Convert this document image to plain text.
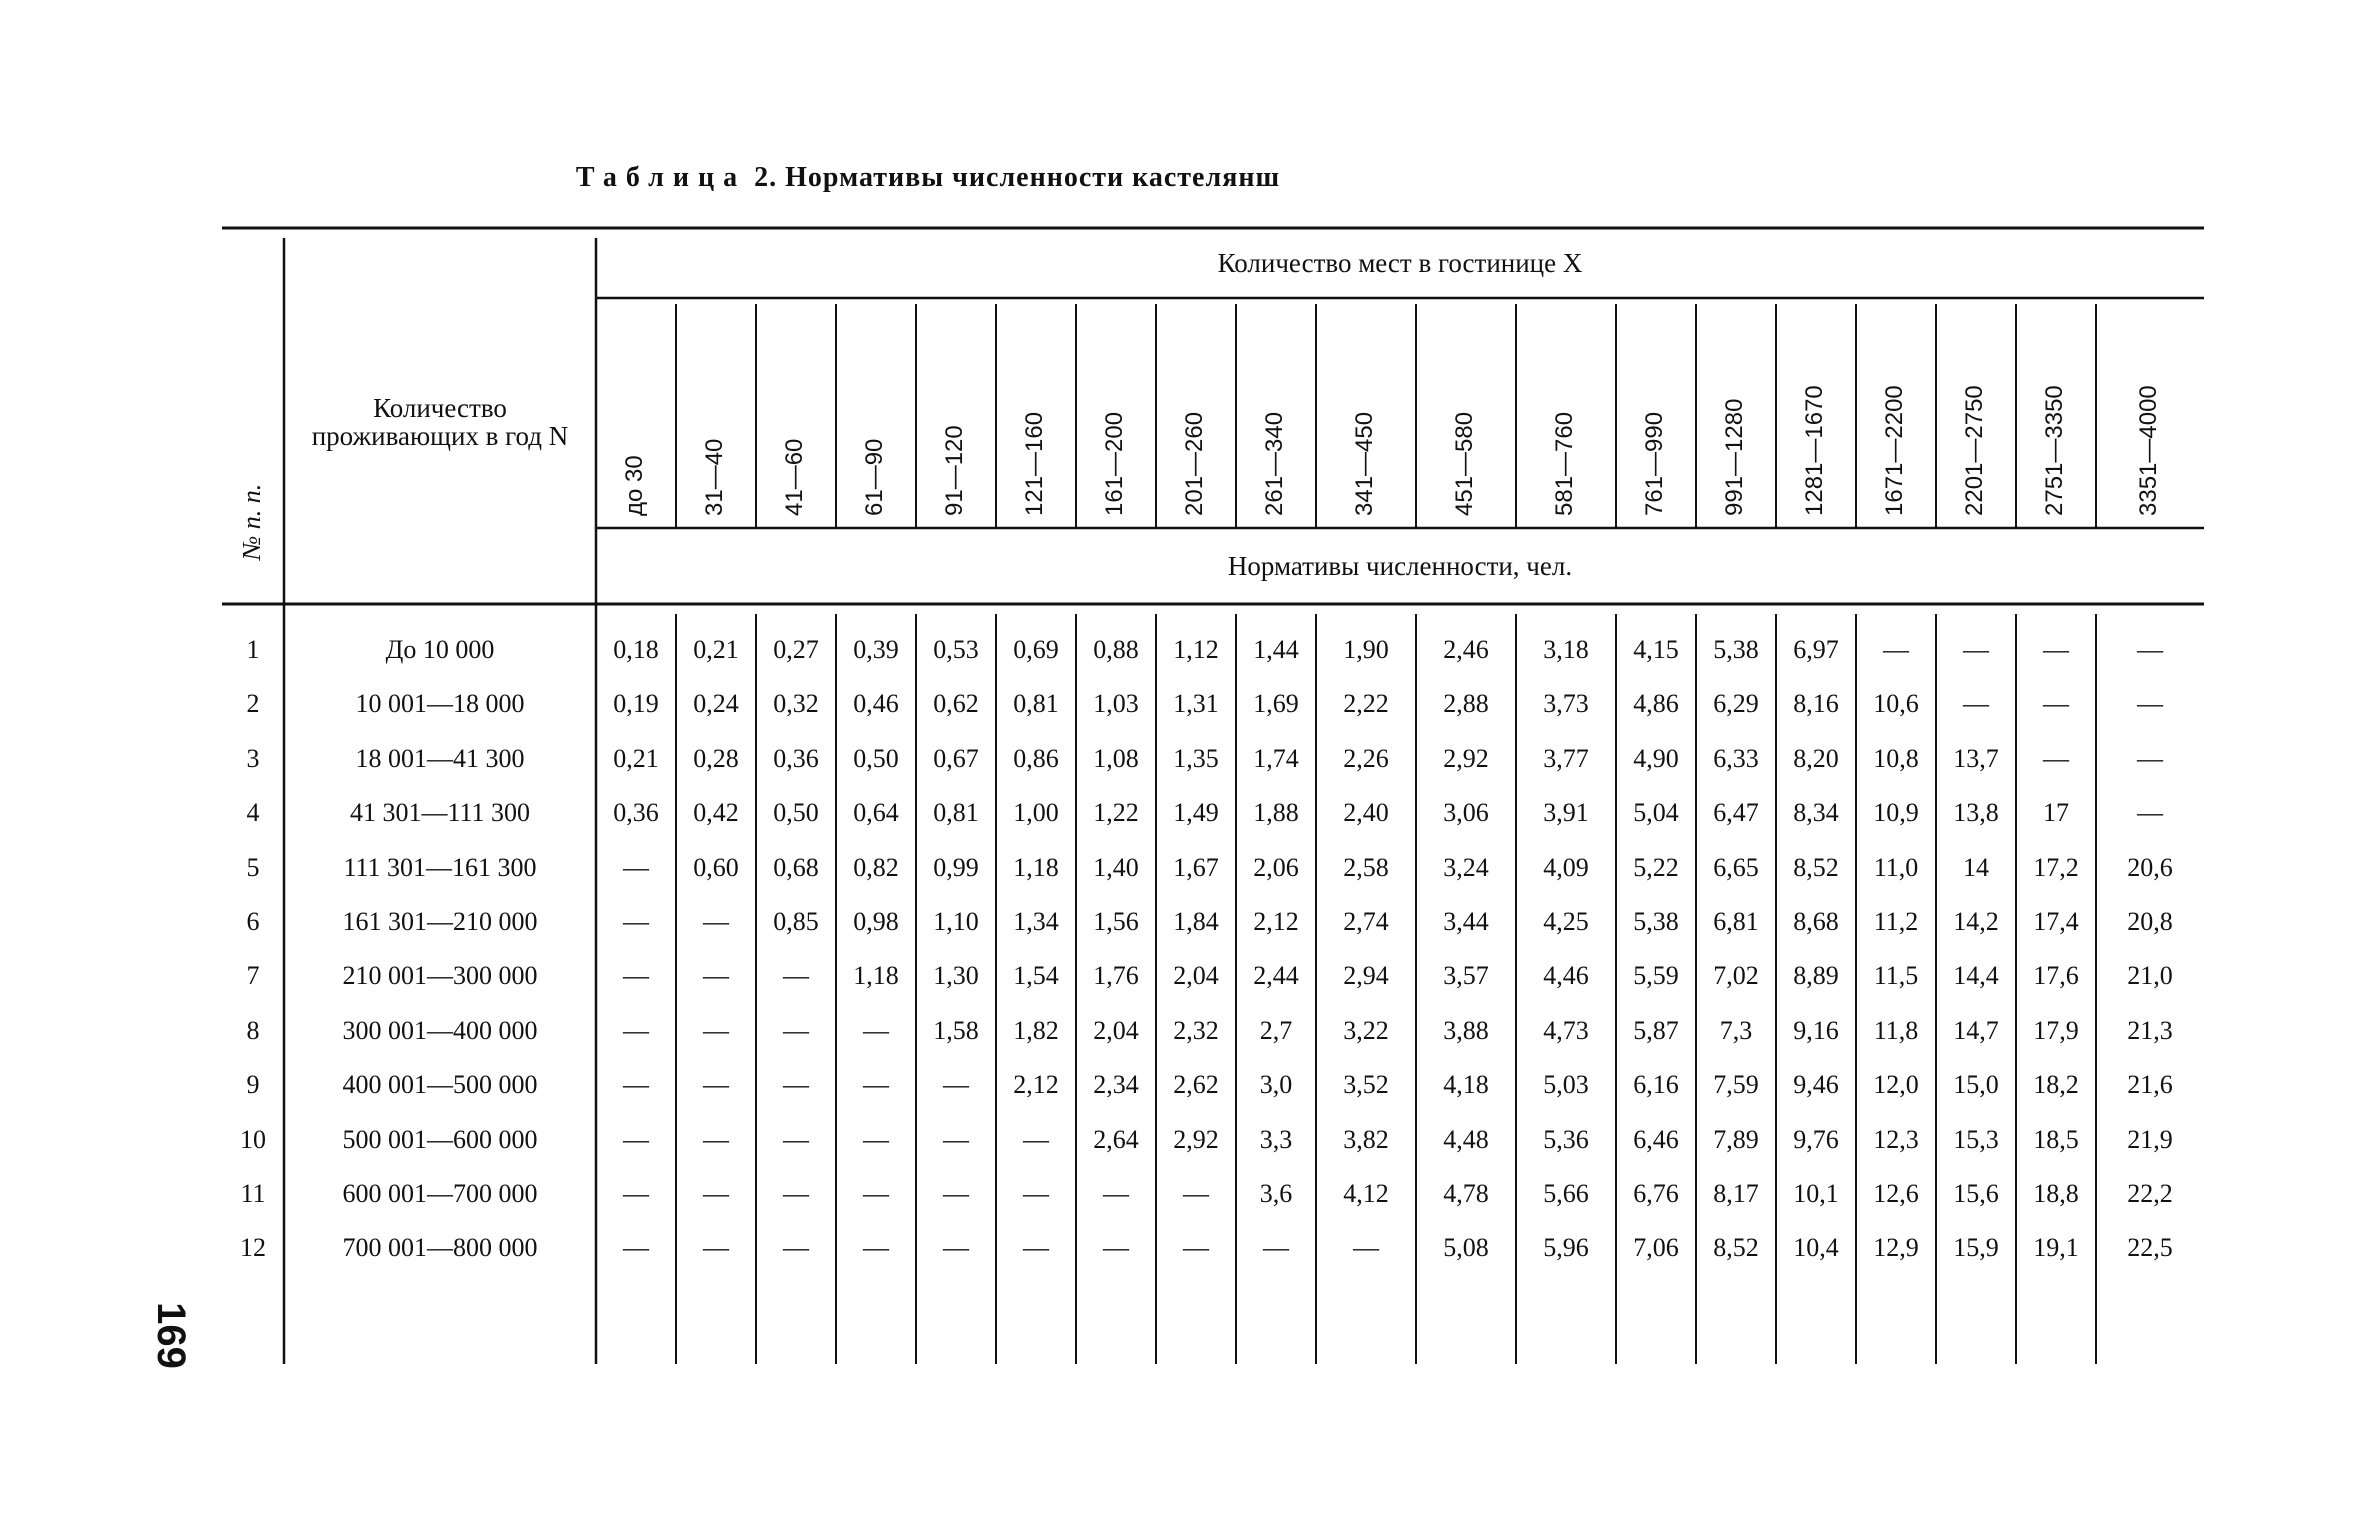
Таблица 2. Нормативы численности кастелянш
№ п. п.
Количество проживающих в год N
Количество мест в гостинице X
до 30 31—40 41—60 61—90 91—120 121—160 161—200 201—260 261—340	341—450	451—580	581—760	761—990 991—1280 1281—1670 1671—2200 2201—2750 2751—3350	3351—4000
Нормативы численности, чел.
1	До 10 000	0,18	0,21	0,27	0,39	0,53	0,69	0,88	1,12	1,44	1,90	2,46	3,18	4,15	5,38	6,97	—	—	—	—
2	10 001—18 000	0,19	0,24	0,32	0,46	0,62	0,81	1,03	1,31	1,69	2,22	2,88	3,73	4,86	6,29	8,16	10,6	—	—	—
3	18 001—41 300	0,21	0,28	0,36	0,50	0,67	0,86	1,08	1,35	1,74	2,26	2,92	3,77	4,90	6,33	8,20	10,8	13,7	—	—
4	41 301—111 300	0,36	0,42	0,50	0,64	0,81	1,00	1,22	1,49	1,88	2,40	3,06	3,91	5,04	6,47	8,34	10,9	13,8	17	—
5	111 301—161 300	—	0,60	0,68	0,82	0,99	1,18	1,40	1,67	2,06	2,58	3,24	4,09	5,22	6,65	8,52	11,0	14	17,2	20,6
6	161 301—210 000	—	—	0,85	0,98	1,10	1,34	1,56	1,84	2,12	2,74	3,44	4,25	5,38	6,81	8,68	11,2	14,2	17,4	20,8
7	210 001—300 000	—	—	—	1,18	1,30	1,54	1,76	2,04	2,44	2,94	3,57	4,46	5,59	7,02	8,89	11,5	14,4	17,6	21,0
8	300 001—400 000	—	—	—	—	1,58	1,82	2,04	2,32	2,7	3,22	3,88	4,73	5,87	7,3	9,16	11,8	14,7	17,9	21,3
9	400 001—500 000	—	—	—	—	—	2,12	2,34	2,62	3,0	3,52	4,18	5,03	6,16	7,59	9,46	12,0	15,0	18,2	21,6
10	500 001—600 000	—	—	—	—	—	—	2,64	2,92	3,3	3,82	4,48	5,36	6,46	7,89	9,76	12,3	15,3	18,5	21,9
11	600 001—700 000	—	—	—	—	—	—	—	—	3,6	4,12	4,78	5,66	6,76	8,17	10,1	12,6	15,6	18,8	22,2
12	700 001—800 000	—	—	—	—	—	—	—	—	—	—	5,08	5,96	7,06	8,52	10,4	12,9	15,9	19,1	22,5
169
